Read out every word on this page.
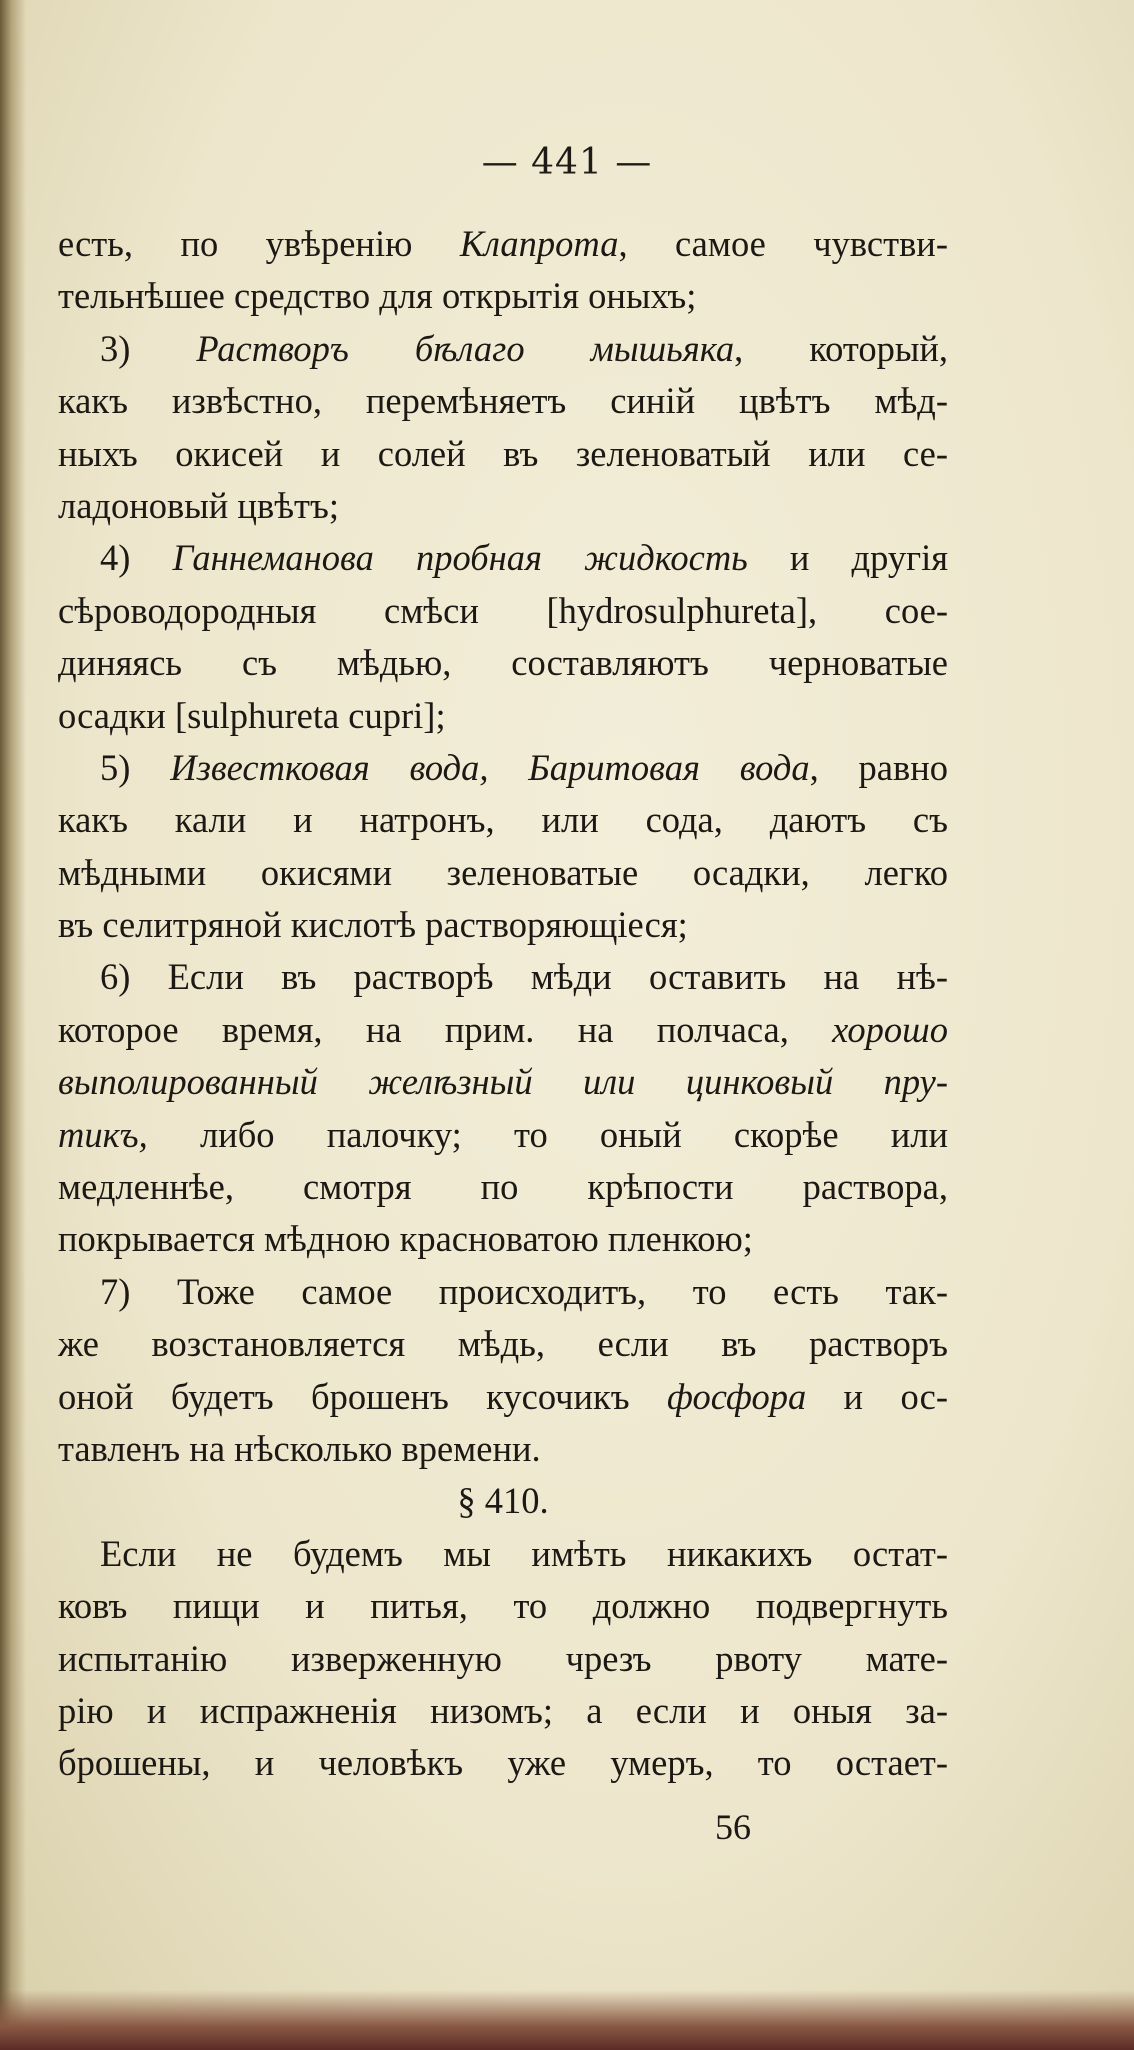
— 441 —
есть, по увѣренію Клапрота, самое чувстви-
тельнѣшее средство для открытія оныхъ;
3) Растворъ бѣлаго мышьяка, который,
какъ извѣстно, перемѣняетъ синій цвѣтъ мѣд-
ныхъ окисей и солей въ зеленоватый или се-
ладоновый цвѣтъ;
4) Ганнеманова пробная жидкость и другія
сѣроводородныя смѣси [hydrosulphureta], сое-
диняясь съ мѣдью, составляютъ черноватые
осадки [sulphureta cupri];
5) Известковая вода, Баритовая вода, равно
какъ кали и натронъ, или сода, даютъ съ
мѣдными окисями зеленоватые осадки, легко
въ селитряной кислотѣ растворяющіеся;
6) Если въ растворѣ мѣди оставить на нѣ-
которое время, на прим. на полчаса, хорошо
выполированный желѣзный или цинковый пру-
тикъ, либо палочку; то оный скорѣе или
медленнѣе, смотря по крѣпости раствора,
покрывается мѣдною красноватою пленкою;
7) Тоже самое происходитъ, то есть так-
же возстановляется мѣдь, если въ растворъ
оной будетъ брошенъ кусочикъ фосфора и ос-
тавленъ на нѣсколько времени.
§ 410.
Если не будемъ мы имѣть никакихъ остат-
ковъ пищи и питья, то должно подвергнуть
испытанію изверженную чрезъ рвоту мате-
рію и испражненія низомъ; а если и оныя за-
брошены, и человѣкъ уже умеръ, то остает-
56
